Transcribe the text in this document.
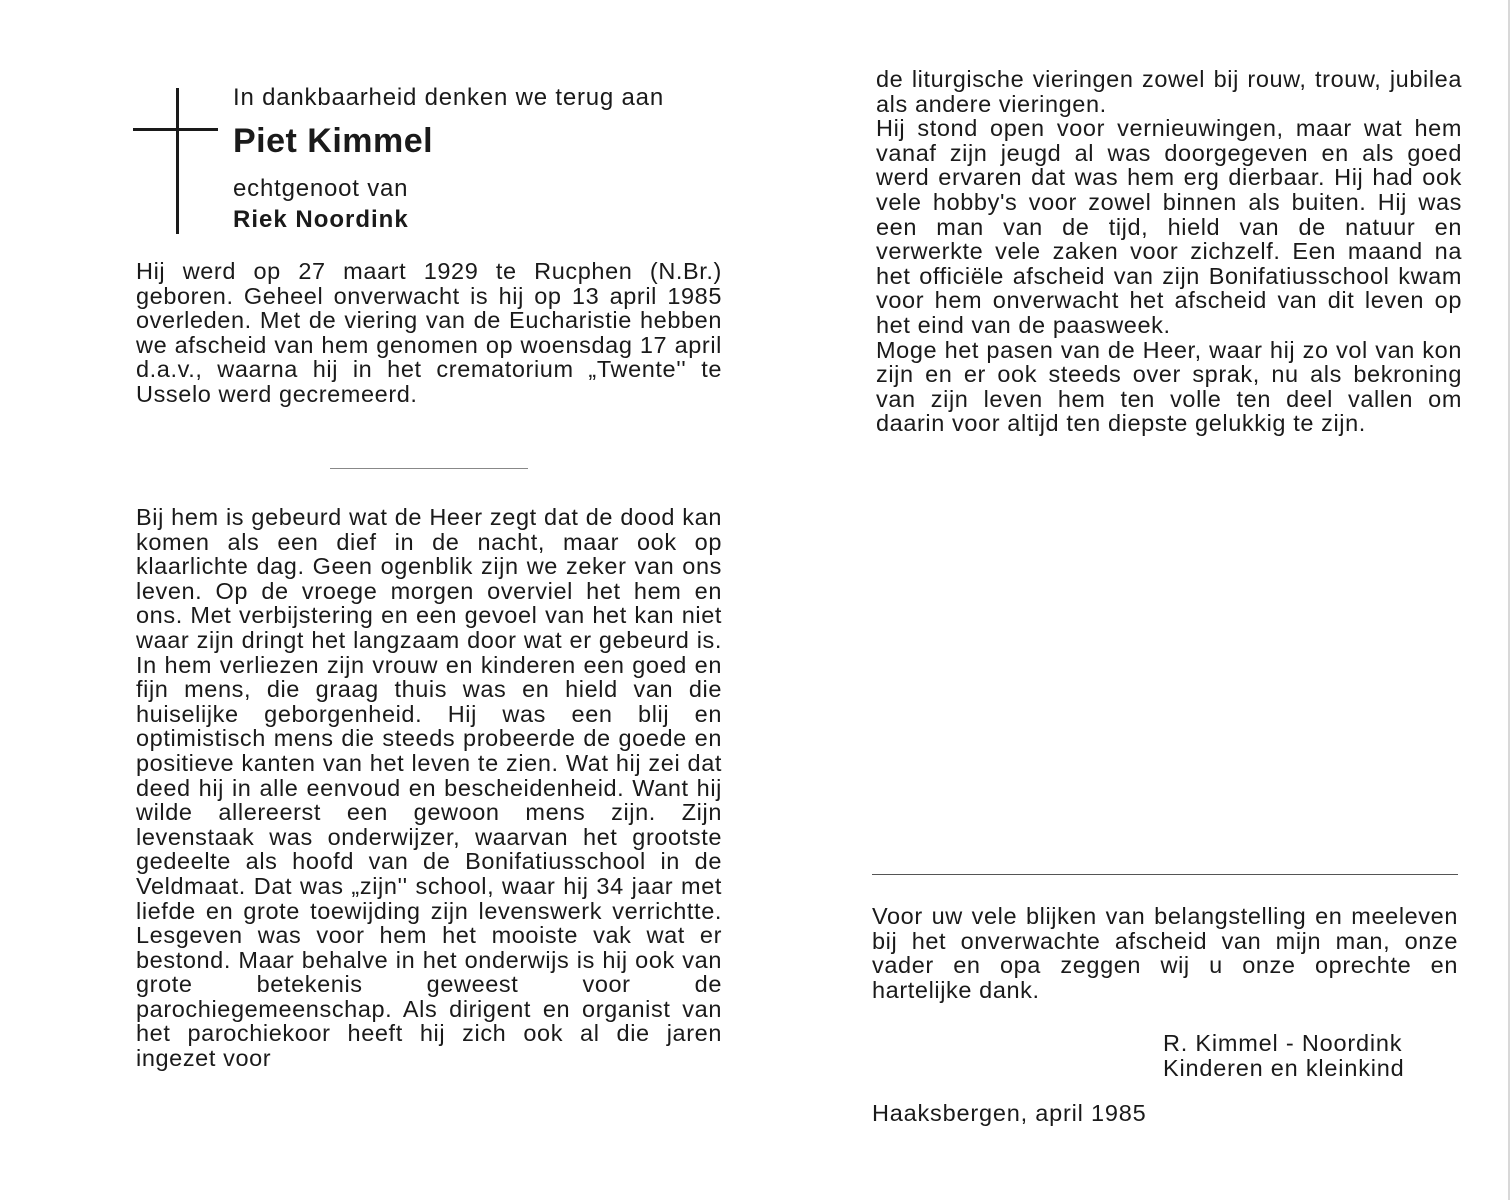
In dankbaarheid denken we terug aan
Piet Kimmel
echtgenoot van
Riek Noordink

Hij werd op 27 maart 1929 te Rucphen (N.Br.) geboren. Geheel onverwacht is hij op 13 april 1985 overleden. Met de viering van de Eucharistie hebben we afscheid van hem genomen op woensdag 17 april d.a.v., waarna hij in het crematorium „Twente'' te Usselo werd gecremeerd.

Bij hem is gebeurd wat de Heer zegt dat de dood kan komen als een dief in de nacht, maar ook op klaarlichte dag. Geen ogenblik zijn we zeker van ons leven. Op de vroege morgen overviel het hem en ons. Met verbijstering en een gevoel van het kan niet waar zijn dringt het langzaam door wat er gebeurd is. In hem verliezen zijn vrouw en kinderen een goed en fijn mens, die graag thuis was en hield van die huiselijke geborgenheid. Hij was een blij en optimistisch mens die steeds probeerde de goede en positieve kanten van het leven te zien. Wat hij zei dat deed hij in alle eenvoud en bescheidenheid. Want hij wilde allereerst een gewoon mens zijn. Zijn levenstaak was onderwijzer, waarvan het grootste gedeelte als hoofd van de Bonifatiusschool in de Veldmaat. Dat was „zijn'' school, waar hij 34 jaar met liefde en grote toewijding zijn levenswerk verrichtte. Lesgeven was voor hem het mooiste vak wat er bestond. Maar behalve in het onderwijs is hij ook van grote betekenis geweest voor de parochiegemeenschap. Als dirigent en organist van het parochiekoor heeft hij zich ook al die jaren ingezet voor

de liturgische vieringen zowel bij rouw, trouw, jubilea als andere vieringen.

Hij stond open voor vernieuwingen, maar wat hem vanaf zijn jeugd al was doorgegeven en als goed werd ervaren dat was hem erg dierbaar. Hij had ook vele hobby's voor zowel binnen als buiten. Hij was een man van de tijd, hield van de natuur en verwerkte vele zaken voor zichzelf. Een maand na het officiële afscheid van zijn Bonifatiusschool kwam voor hem onverwacht het afscheid van dit leven op het eind van de paasweek.

Moge het pasen van de Heer, waar hij zo vol van kon zijn en er ook steeds over sprak, nu als bekroning van zijn leven hem ten volle ten deel vallen om daarin voor altijd ten diepste gelukkig te zijn.

Voor uw vele blijken van belangstelling en meeleven bij het onverwachte afscheid van mijn man, onze vader en opa zeggen wij u onze oprechte en hartelijke dank.

R. Kimmel - Noordink
Kinderen en kleinkind
Haaksbergen, april 1985
